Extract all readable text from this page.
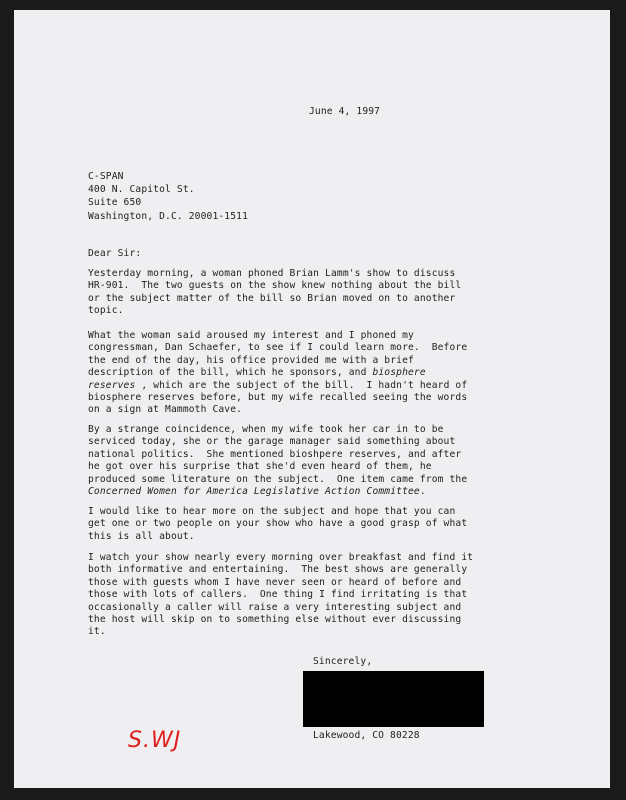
June 4, 1997
C-SPAN
400 N. Capitol St.
Suite 650
Washington, D.C. 20001-1511
Dear Sir:
Yesterday morning, a woman phoned Brian Lamm's show to discuss
HR-901.  The two guests on the show knew nothing about the bill
or the subject matter of the bill so Brian moved on to another
topic.
What the woman said aroused my interest and I phoned my
congressman, Dan Schaefer, to see if I could learn more.  Before
the end of the day, his office provided me with a brief
description of the bill, which he sponsors, and biosphere
reserves , which are the subject of the bill.  I hadn't heard of
biosphere reserves before, but my wife recalled seeing the words
on a sign at Mammoth Cave.
By a strange coincidence, when my wife took her car in to be
serviced today, she or the garage manager said something about
national politics.  She mentioned bioshpere reserves, and after
he got over his surprise that she'd even heard of them, he
produced some literature on the subject.  One item came from the
Concerned Women for America Legislative Action Committee.
I would like to hear more on the subject and hope that you can
get one or two people on your show who have a good grasp of what
this is all about.
I watch your show nearly every morning over breakfast and find it
both informative and entertaining.  The best shows are generally
those with guests whom I have never seen or heard of before and
those with lots of callers.  One thing I find irritating is that
occasionally a caller will raise a very interesting subject and
the host will skip on to something else without ever discussing
it.
Sincerely,
Lakewood, CO 80228
S.WJ
